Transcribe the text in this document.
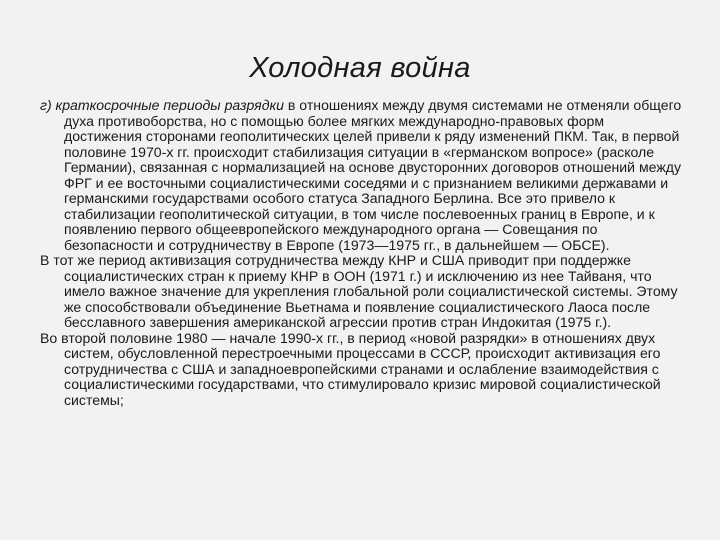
Холодная война

г) краткосрочные периоды разрядки в отношениях между двумя системами не отменяли общего духа противоборства, но с помощью более мягких международно-правовых форм достижения сторонами геополитических целей привели к ряду изменений ПКМ. Так, в первой половине 1970-х гг. происходит стабилизация ситуации в «германском вопросе» (расколе Германии), связанная с нормализацией на основе двусторонних договоров отношений между ФРГ и ее восточными социалистическими соседями и с признанием великими державами и германскими государствами особого статуса Западного Берлина. Все это привело к стабилизации геополитической ситуации, в том числе послевоенных границ в Европе, и к появлению первого общеевропейского международного органа — Совещания по безопасности и сотрудничеству в Европе (1973—1975 гг., в дальнейшем — ОБСЕ).

В тот же период активизация сотрудничества между КНР и США приводит при поддержке социалистических стран к приему КНР в ООН (1971 г.) и исключению из нее Тайваня, что имело важное значение для укрепления глобальной роли социалистической системы. Этому же способствовали объединение Вьетнама и появление социалистического Лаоса после бесславного завершения американской агрессии против стран Индокитая (1975 г.).

Во второй половине 1980 — начале 1990-х гг., в период «новой разрядки» в отношениях двух систем, обусловленной перестроечными процессами в СССР, происходит активизация его сотрудничества с США и западноевропейскими странами и ослабление взаимодействия с социалистическими государствами, что стимулировало кризис мировой социалистической системы;
